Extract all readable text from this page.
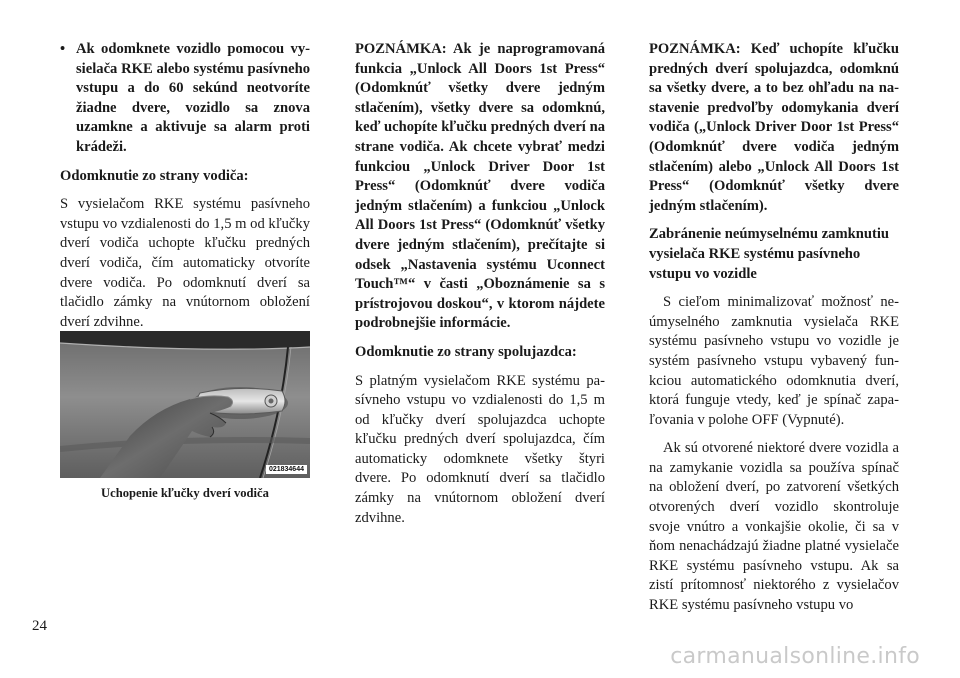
• Ak odomknete vozidlo pomocou vysielača RKE alebo systému pasívneho vstupu a do 60 sekúnd neotvoríte žiadne dvere, vozidlo sa znova uzamkne a aktivuje sa alarm proti krádeži.

Odomknutie zo strany vodiča:

S vysielačom RKE systému pasívneho vstupu vo vzdialenosti do 1,5 m od kľučky dverí vodiča uchopte kľučku predných dverí vodiča, čím automaticky otvoríte dvere vodiča. Po odomknutí dverí sa tlačidlo zámky na vnútornom obložení dverí zdvihne.

021834644
Uchopenie kľučky dverí vodiča

POZNÁMKA: Ak je naprogramovaná funkcia „Unlock All Doors 1st Press“ (Odomknúť všetky dvere jedným stlačením), všetky dvere sa odomknú, keď uchopíte kľučku predných dverí na strane vodiča. Ak chcete vybrať medzi funkciou „Unlock Driver Door 1st Press“ (Odomknúť dvere vodiča jedným stlačením) a funkciou „Unlock All Doors 1st Press“ (Odomknúť všetky dvere jedným stlačením), prečítajte si odsek „Nastavenia systému Uconnect Touch™“ v časti „Oboznámenie sa s prístrojovou doskou“, v ktorom nájdete podrobnejšie informácie.

Odomknutie zo strany spolujazdca:

S platným vysielačom RKE systému pasívneho vstupu vo vzdialenosti do 1,5 m od kľučky dverí spolujazdca uchopte kľučku predných dverí spolujazdca, čím automaticky odomknete všetky štyri dvere. Po odomknutí dverí sa tlačidlo zámky na vnútornom obložení dverí zdvihne.

POZNÁMKA: Keď uchopíte kľučku predných dverí spolujazdca, odomknú sa všetky dvere, a to bez ohľadu na nastavenie predvoľby odomykania dverí vodiča („Unlock Driver Door 1st Press“ (Odomknúť dvere vodiča jedným stlačením) alebo „Unlock All Doors 1st Press“ (Odomknúť všetky dvere jedným stlačením).

Zabránenie neúmyselnému zamknutiu vysielača RKE systému pasívneho vstupu vo vozidle

S cieľom minimalizovať možnosť neúmyselného zamknutia vysielača RKE systému pasívneho vstupu vo vozidle je systém pasívneho vstupu vybavený funkciou automatického odomknutia dverí, ktorá funguje vtedy, keď je spínač zapaľovania v polohe OFF (Vypnuté).

Ak sú otvorené niektoré dvere vozidla a na zamykanie vozidla sa používa spínač na obložení dverí, po zatvorení všetkých otvorených dverí vozidlo skontroluje svoje vnútro a vonkajšie okolie, či sa v ňom nenachádzajú žiadne platné vysielače RKE systému pasívneho vstupu. Ak sa zistí prítomnosť niektorého z vysielačov RKE systému pasívneho vstupu vo

24
carmanualsonline.info
